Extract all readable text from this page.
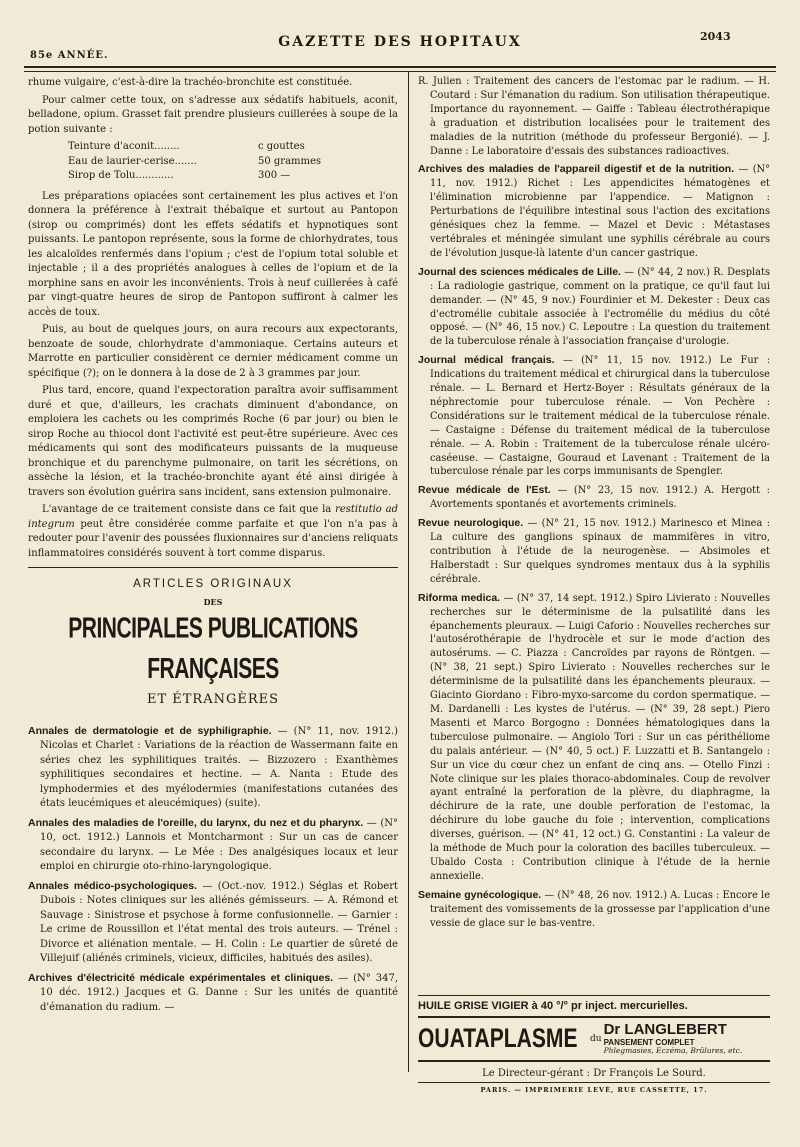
85e ANNÉE.
GAZETTE DES HOPITAUX	2043

rhume vulgaire, c'est-à-dire la trachéo-bronchite est constituée.

Pour calmer cette toux, on s'adresse aux sédatifs habituels, aconit, belladone, opium. Grasset fait prendre plusieurs cuillerées à soupe de la potion suivante :

Teinture d'aconit........	c gouttes
Eau de laurier-cerise.......	50 grammes
Sirop de Tolu............	300 —

Les préparations opiacées sont certainement les plus actives et l'on donnera la préférence à l'extrait thébaïque et surtout au Pantopon (sirop ou comprimés) dont les effets sédatifs et hypnotiques sont puissants. Le pantopon représente, sous la forme de chlorhydrates, tous les alcaloïdes renfermés dans l'opium ; c'est de l'opium total soluble et injectable ; il a des propriétés analogues à celles de l'opium et de la morphine sans en avoir les inconvénients. Trois à neuf cuillerées à café par vingt-quatre heures de sirop de Pantopon suffiront à calmer les accès de toux.

Puis, au bout de quelques jours, on aura recours aux expectorants, benzoate de soude, chlorhydrate d'ammoniaque. Certains auteurs et Marrotte en particulier considèrent ce dernier médicament comme un spécifique (?); on le donnera à la dose de 2 à 3 grammes par jour.

Plus tard, encore, quand l'expectoration paraîtra avoir suffisamment duré et que, d'ailleurs, les crachats diminuent d'abondance, on emploiera les cachets ou les comprimés Roche (6 par jour) ou bien le sirop Roche au thiocol dont l'activité est peut-être supérieure. Avec ces médicaments qui sont des modificateurs puissants de la muqueuse bronchique et du parenchyme pulmonaire, on tarit les sécrétions, on assèche la lésion, et la trachéo-bronchite ayant été ainsi dirigée à travers son évolution guérira sans incident, sans extension pulmonaire.

L'avantage de ce traitement consiste dans ce fait que la restitutio ad integrum peut être considérée comme parfaite et que l'on n'a pas à redouter pour l'avenir des poussées fluxionnaires sur d'anciens reliquats inflammatoires considérés souvent à tort comme disparus.

ARTICLES ORIGINAUX
DES
PRINCIPALES PUBLICATIONS FRANÇAISES
ET ÉTRANGÈRES
Annales de dermatologie et de syphiligraphie. — (N° 11, nov. 1912.) Nicolas et Charlet : Variations de la réaction de Wassermann faite en séries chez les syphilitiques traités. — Bizzozero : Exanthèmes syphilitiques secondaires et hectine. — A. Nanta : Etude des lymphodermies et des myélodermies (manifestations cutanées des états leucémiques et aleucémiques) (suite).
Annales des maladies de l'oreille, du larynx, du nez et du pharynx. — (N° 10, oct. 1912.) Lannois et Montcharmont : Sur un cas de cancer secondaire du larynx. — Le Mée : Des analgésiques locaux et leur emploi en chirurgie oto-rhino-laryngologique.
Annales médico-psychologiques. — (Oct.-nov. 1912.) Séglas et Robert Dubois : Notes cliniques sur les aliénés gémisseurs. — A. Rémond et Sauvage : Sinistrose et psychose à forme confusionnelle. — Garnier : Le crime de Roussillon et l'état mental des trois auteurs. — Trénel : Divorce et aliénation mentale. — H. Colin : Le quartier de sûreté de Villejuif (aliénés criminels, vicieux, difficiles, habitués des asiles).
Archives d'électricité médicale expérimentales et cliniques. — (N° 347, 10 déc. 1912.) Jacques et G. Danne : Sur les unités de quantité d'émanation du radium. —
R. Julien : Traitement des cancers de l'estomac par le radium. — H. Coutard : Sur l'émanation du radium. Son utilisation thérapeutique. Importance du rayonnement. — Gaiffe : Tableau électrothérapique à graduation et distribution localisées pour le traitement des maladies de la nutrition (méthode du professeur Bergonié). — J. Danne : Le laboratoire d'essais des substances radioactives.
Archives des maladies de l'appareil digestif et de la nutrition. — (N° 11, nov. 1912.) Richet : Les appendicites hématogènes et l'élimination microbienne par l'appendice. — Matignon : Perturbations de l'équilibre intestinal sous l'action des excitations génésiques chez la femme. — Mazel et Devic : Métastases vertébrales et méningée simulant une syphilis cérébrale au cours de l'évolution jusque-là latente d'un cancer gastrique.
Journal des sciences médicales de Lille. — (N° 44, 2 nov.) R. Desplats : La radiologie gastrique, comment on la pratique, ce qu'il faut lui demander. — (N° 45, 9 nov.) Fourdinier et M. Dekester : Deux cas d'ectromélie cubitale associée à l'ectromélie du médius du côté opposé. — (N° 46, 15 nov.) C. Lepoutre : La question du traitement de la tuberculose rénale à l'association française d'urologie.
Journal médical français. — (N° 11, 15 nov. 1912.) Le Fur : Indications du traitement médical et chirurgical dans la tuberculose rénale. — L. Bernard et Hertz-Boyer : Résultats généraux de la néphrectomie pour tuberculose rénale. — Von Pechère : Considérations sur le traitement médical de la tuberculose rénale. — Castaigne : Défense du traitement médical de la tuberculose rénale. — A. Robin : Traitement de la tuberculose rénale ulcéro-caséeuse. — Castaigne, Gouraud et Lavenant : Traitement de la tuberculose rénale par les corps immunisants de Spengler.
Revue médicale de l'Est. — (N° 23, 15 nov. 1912.) A. Hergott : Avortements spontanés et avortements criminels.
Revue neurologique. — (N° 21, 15 nov. 1912.) Marinesco et Minea : La culture des ganglions spinaux de mammifères in vitro, contribution à l'étude de la neurogenèse. — Absimoles et Halberstadt : Sur quelques syndromes mentaux dus à la syphilis cérébrale.
Riforma medica. — (N° 37, 14 sept. 1912.) Spiro Livierato : Nouvelles recherches sur le déterminisme de la pulsatilité dans les épanchements pleuraux. — Luigi Caforio : Nouvelles recherches sur l'autosérothérapie de l'hydrocèle et sur le mode d'action des autosérums. — C. Piazza : Cancroïdes par rayons de Röntgen. — (N° 38, 21 sept.) Spiro Livierato : Nouvelles recherches sur le déterminisme de la pulsatilité dans les épanchements pleuraux. — Giacinto Giordano : Fibro-myxo-sarcome du cordon spermatique. — M. Dardanelli : Les kystes de l'utérus. — (N° 39, 28 sept.) Piero Masenti et Marco Borgogno : Données hématologiques dans la tuberculose pulmonaire. — Angiolo Tori : Sur un cas périthéliome du palais antérieur. — (N° 40, 5 oct.) F. Luzzatti et B. Santangelo : Sur un vice du cœur chez un enfant de cinq ans. — Otello Finzi : Note clinique sur les plaies thoraco-abdominales. Coup de revolver ayant entraîné la perforation de la plèvre, du diaphragme, la déchirure de la rate, une double perforation de l'estomac, la déchirure du lobe gauche du foie ; intervention, complications diverses, guérison. — (N° 41, 12 oct.) G. Constantini : La valeur de la méthode de Much pour la coloration des bacilles tuberculeux. — Ubaldo Costa : Contribution clinique à l'étude de la hernie annexielle.
Semaine gynécologique. — (N° 48, 26 nov. 1912.) A. Lucas : Encore le traitement des vomissements de la grossesse par l'application d'une vessie de glace sur le bas-ventre.
HUILE GRISE VIGIER à 40 °/° pr inject. mercurielles.
OUATAPLASME du
Dr LANGLEBERT
PANSEMENT COMPLET
Phlegmasies, Eczéma, Brûlures, etc.
Le Directeur-gérant : Dr François Le Sourd.
PARIS. — IMPRIMERIE LEVÉ, RUE CASSETTE, 17.
